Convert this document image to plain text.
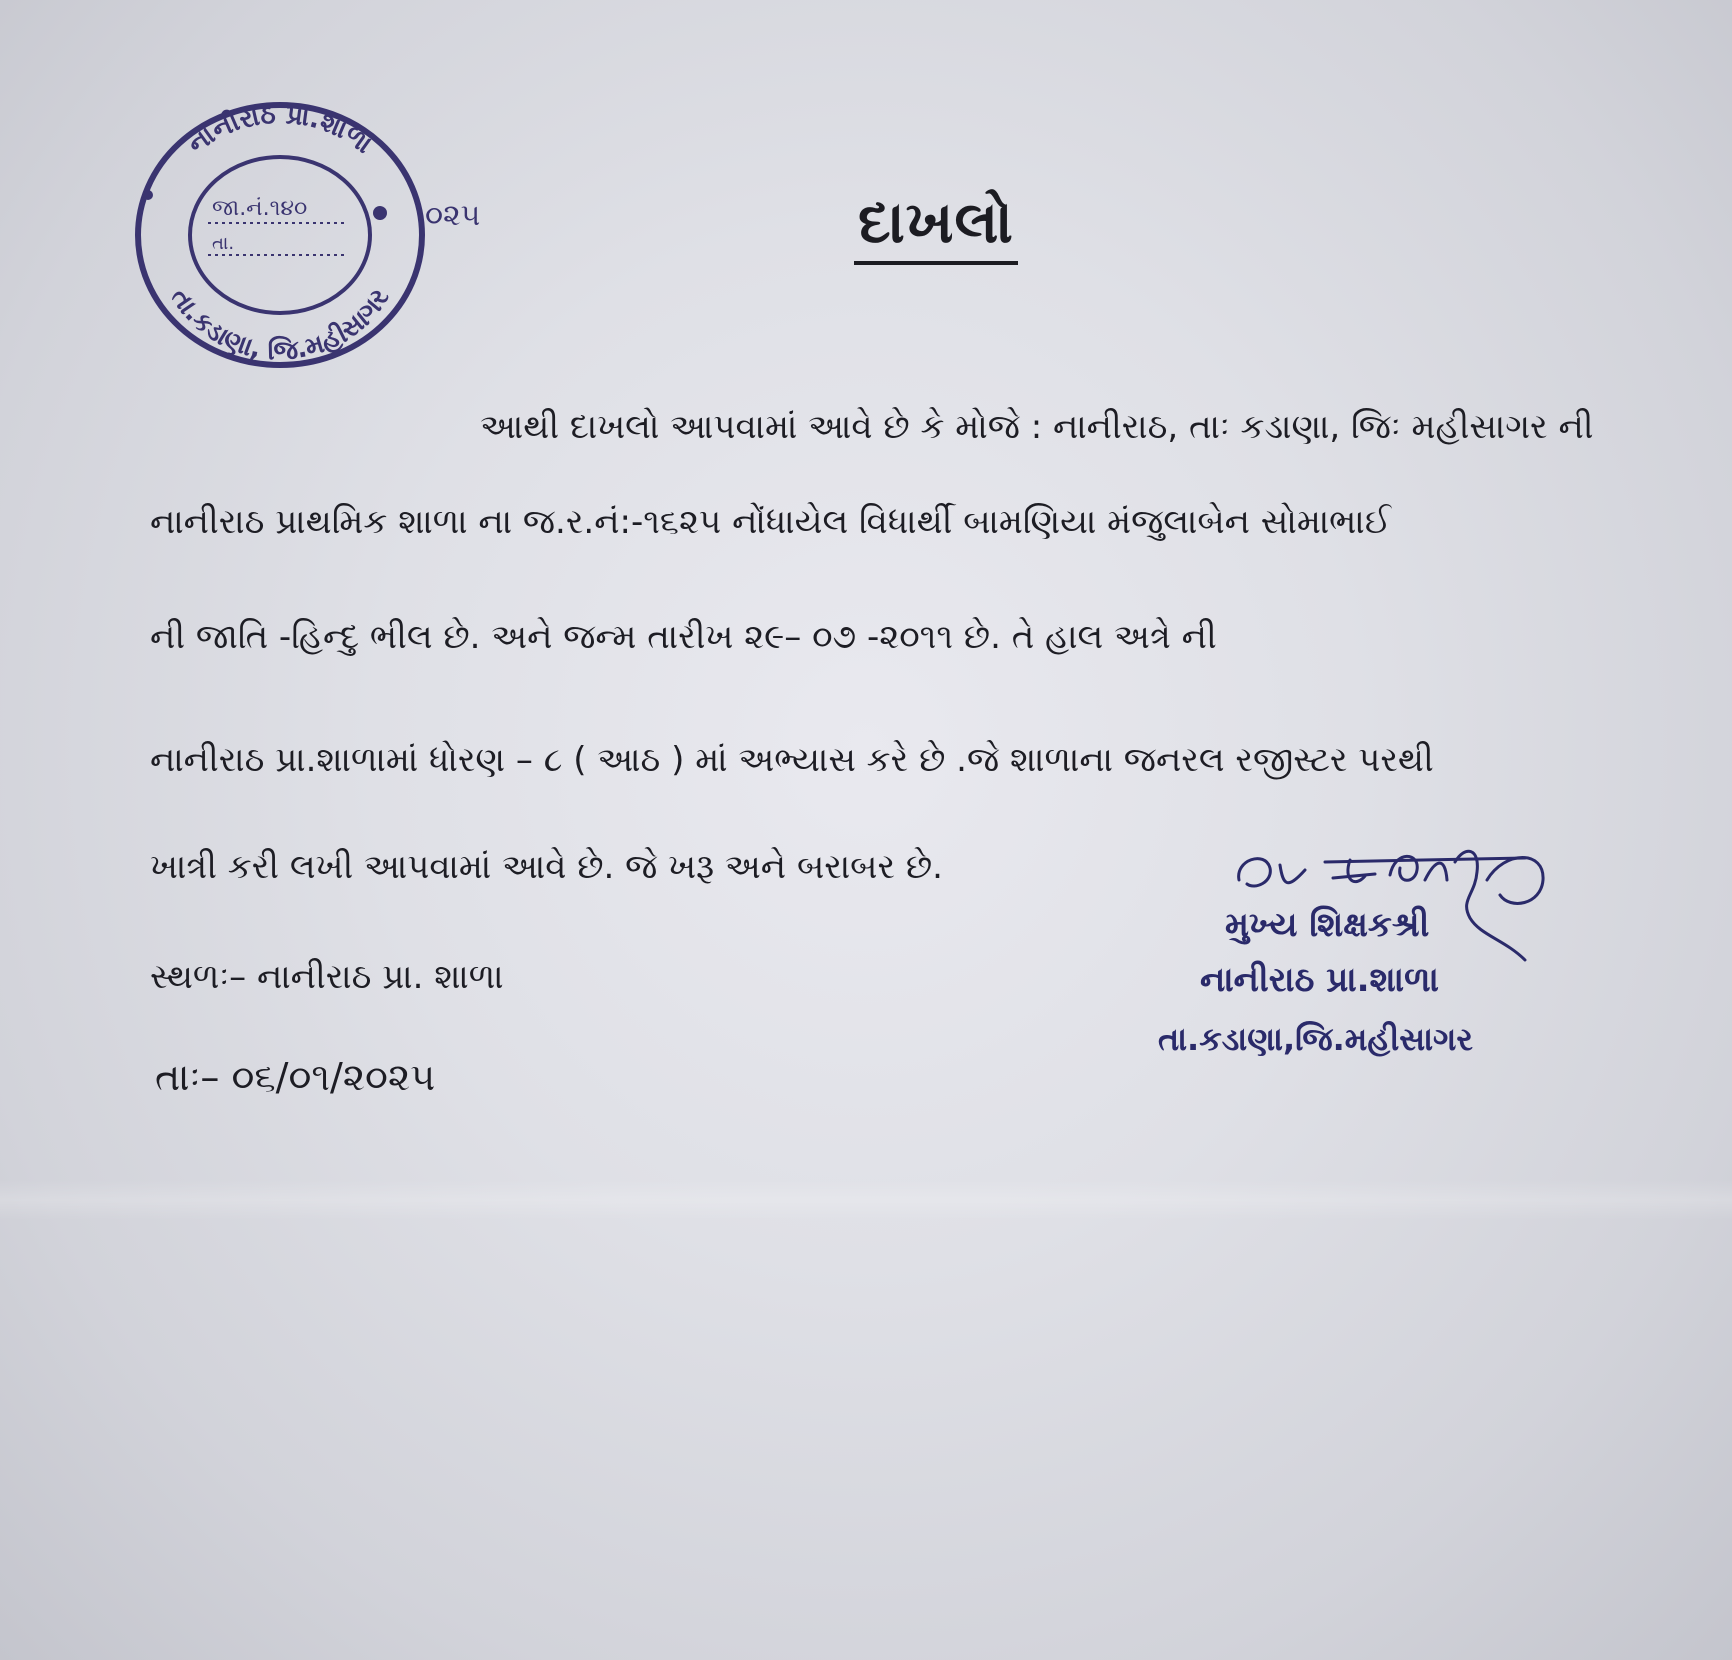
નાનીરાઠ પ્રા.શાળા
તા.કડાણા, જિ.મહીસાગર
જા.નં.૧૪૦
તા.
૦૨૫	દાખલો
આથી દાખલો આપવામાં આવે છે કે મોજે : નાનીરાઠ, તાઃ કડાણા, જિઃ મહીસાગર ની
નાનીરાઠ પ્રાથમિક શાળા ના જ.ર.નં:-૧૬૨૫ નોંધાયેલ વિધાર્થી બામણિયા મંજુલાબેન સોમાભાઈ
ની જાતિ -હિન્દુ ભીલ છે. અને જન્મ તારીખ ૨૯– ૦૭ -૨૦૧૧ છે. તે હાલ અત્રે ની
નાનીરાઠ પ્રા.શાળામાં ધોરણ – ૮ ( આઠ ) માં અભ્યાસ કરે છે .જે શાળાના જનરલ રજીસ્ટર પરથી
ખાત્રી કરી લખી આપવામાં આવે છે. જે ખરૂ અને બરાબર છે.
સ્થળઃ– નાનીરાઠ પ્રા. શાળા
તાઃ– ૦૬/૦૧/૨૦૨૫
મુખ્ય શિક્ષકશ્રી
નાનીરાઠ પ્રા.શાળા
તા.કડાણા,જિ.મહીસાગર
